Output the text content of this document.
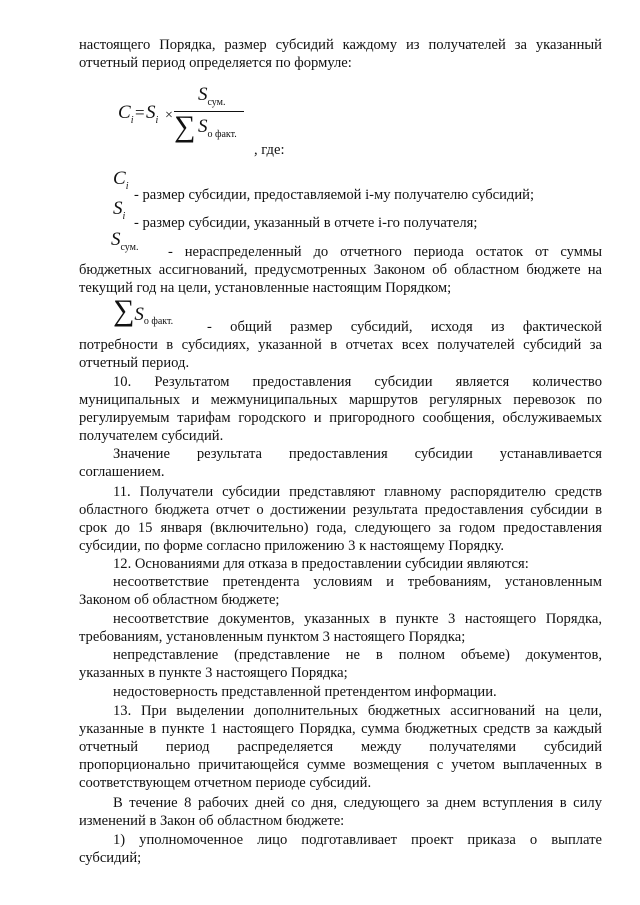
настоящего Порядка, размер субсидий каждому из получателей за указанный
отчетный период определяется по формуле:
$C_i = S_i$ ×
$S_{сум.}$
∑ $S_{о факт.}$
, где:
$C_i$
- размер субсидии, предоставляемой i-му получателю субсидий;
$S_i$ - размер субсидии, указанный в отчете i-го получателя;
$S_{сум.}$ - нераспределенный до отчетного периода остаток от суммы
бюджетных ассигнований, предусмотренных Законом об областном бюджете на
текущий год на цели, установленные настоящим Порядком;
$\sum S_{о факт.}$ - общий размер субсидий, исходя из фактической
потребности в субсидиях, указанной в отчетах всех получателей субсидий за
отчетный период.
10. Результатом предоставления субсидии является количество
муниципальных и межмуниципальных маршрутов регулярных перевозок по
регулируемым тарифам городского и пригородного сообщения, обслуживаемых
получателем субсидий.
Значение результата предоставления субсидии устанавливается
соглашением.
11. Получатели субсидии представляют главному распорядителю средств
областного бюджета отчет о достижении результата предоставления субсидии в
срок до 15 января (включительно) года, следующего за годом предоставления
субсидии, по форме согласно приложению 3 к настоящему Порядку.
12. Основаниями для отказа в предоставлении субсидии являются:
несоответствие претендента условиям и требованиям, установленным
Законом об областном бюджете;
несоответствие документов, указанных в пункте 3 настоящего Порядка,
требованиям, установленным пунктом 3 настоящего Порядка;
непредставление (представление не в полном объеме) документов,
указанных в пункте 3 настоящего Порядка;
недостоверность представленной претендентом информации.
13. При выделении дополнительных бюджетных ассигнований на цели,
указанные в пункте 1 настоящего Порядка, сумма бюджетных средств за каждый
отчетный период распределяется между получателями субсидий
пропорционально причитающейся сумме возмещения с учетом выплаченных в
соответствующем отчетном периоде субсидий.
В течение 8 рабочих дней со дня, следующего за днем вступления в силу
изменений в Закон об областном бюджете:
1) уполномоченное лицо подготавливает проект приказа о выплате
субсидий;
